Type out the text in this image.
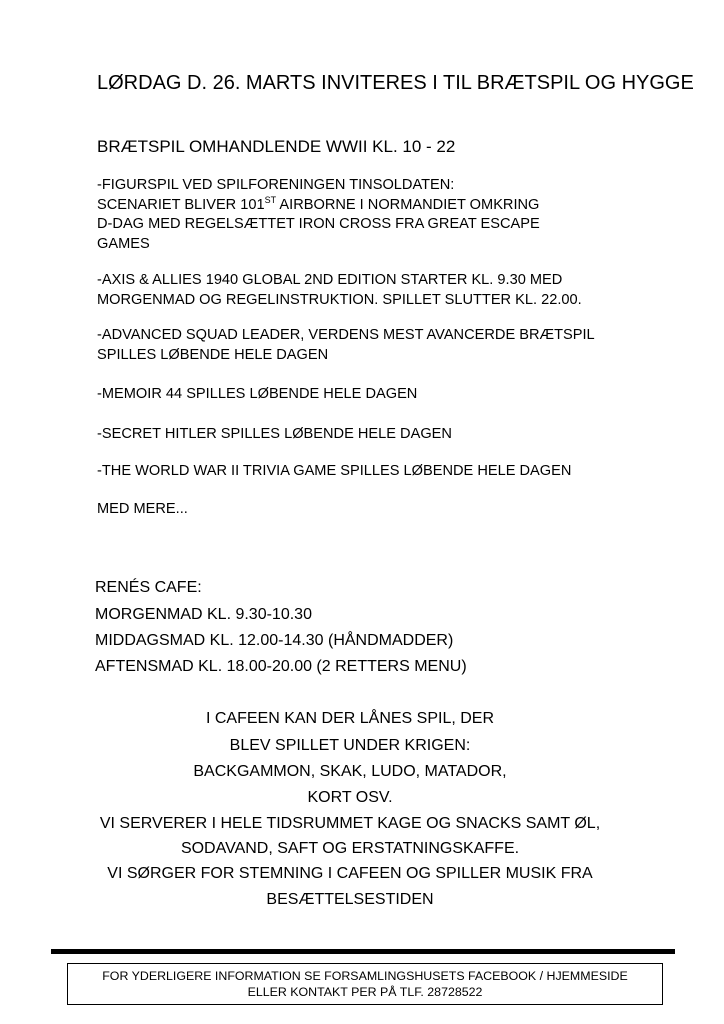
LØRDAG D. 26. MARTS INVITERES I TIL BRÆTSPIL OG HYGGE
BRÆTSPIL OMHANDLENDE WWII KL. 10 - 22
-FIGURSPIL VED SPILFORENINGEN TINSOLDATEN:
SCENARIET BLIVER 101ST AIRBORNE I NORMANDIET OMKRING
D-DAG MED REGELSÆTTET IRON CROSS FRA GREAT ESCAPE
GAMES
-AXIS & ALLIES 1940 GLOBAL 2ND EDITION STARTER KL. 9.30 MED
MORGENMAD OG REGELINSTRUKTION. SPILLET SLUTTER KL. 22.00.
-ADVANCED SQUAD LEADER, VERDENS MEST AVANCERDE BRÆTSPIL
SPILLES LØBENDE HELE DAGEN
-MEMOIR 44 SPILLES LØBENDE HELE DAGEN
-SECRET HITLER SPILLES LØBENDE HELE DAGEN
-THE WORLD WAR II TRIVIA GAME SPILLES LØBENDE HELE DAGEN
MED MERE...
RENÉS CAFE:
MORGENMAD KL. 9.30-10.30
MIDDAGSMAD KL. 12.00-14.30 (HÅNDMADDER)
AFTENSMAD KL. 18.00-20.00 (2 RETTERS MENU)
I CAFEEN KAN DER LÅNES SPIL, DER
BLEV SPILLET UNDER KRIGEN:
BACKGAMMON, SKAK, LUDO, MATADOR,
KORT OSV.
VI SERVERER I HELE TIDSRUMMET KAGE OG SNACKS SAMT ØL,
SODAVAND, SAFT OG ERSTATNINGSKAFFE.
VI SØRGER FOR STEMNING I CAFEEN OG SPILLER MUSIK FRA
BESÆTTELSESTIDEN
FOR YDERLIGERE INFORMATION SE FORSAMLINGSHUSETS FACEBOOK / HJEMMESIDE
ELLER KONTAKT PER PÅ TLF. 28728522
